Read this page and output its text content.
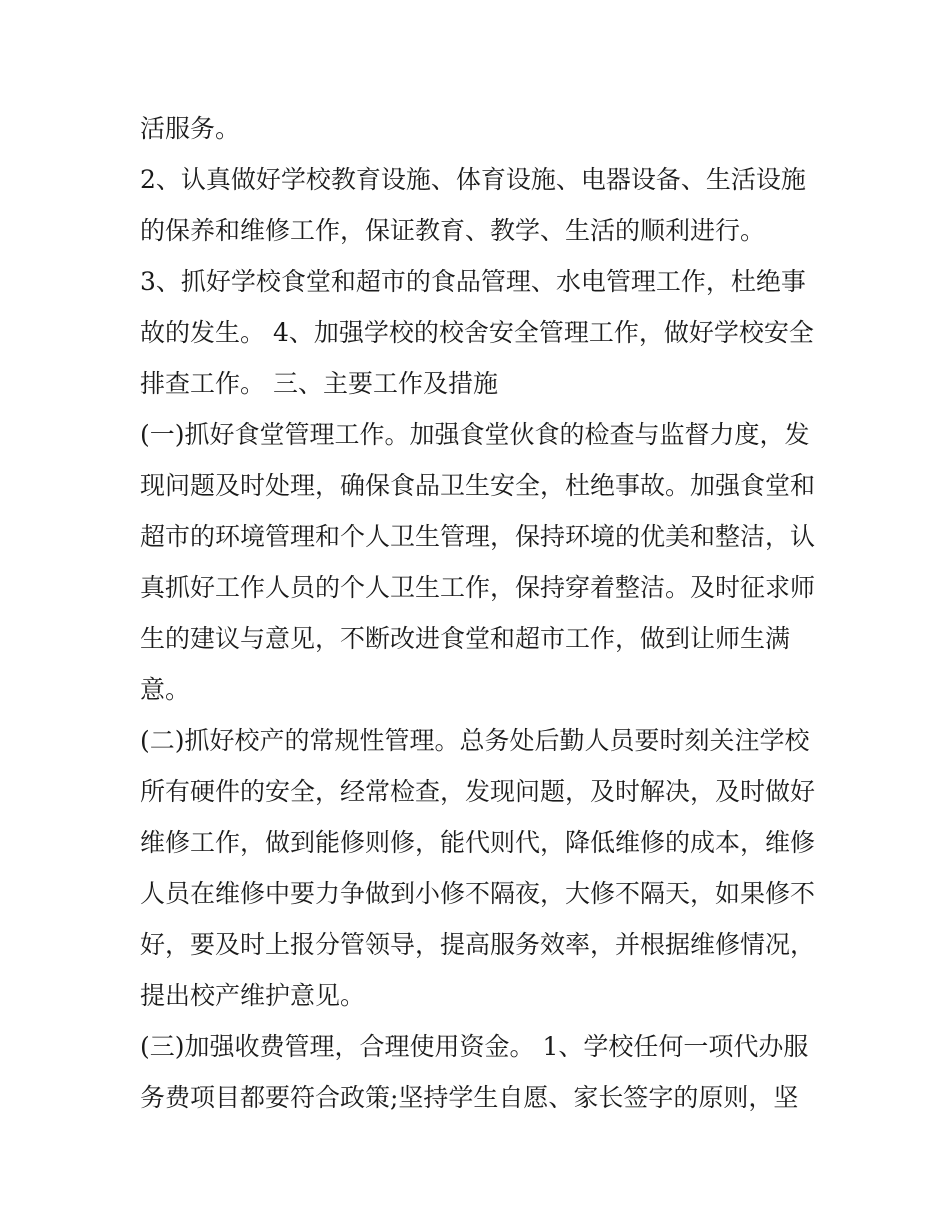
活服务。
2、认真做好学校教育设施、体育设施、电器设备、生活设施
的保养和维修工作，保证教育、教学、生活的顺利进行。
3、抓好学校食堂和超市的食品管理、水电管理工作，杜绝事
故的发生。 4、加强学校的校舍安全管理工作，做好学校安全
排查工作。 三、主要工作及措施
(一)抓好食堂管理工作。加强食堂伙食的检查与监督力度，发
现问题及时处理，确保食品卫生安全，杜绝事故。加强食堂和
超市的环境管理和个人卫生管理，保持环境的优美和整洁，认
真抓好工作人员的个人卫生工作，保持穿着整洁。及时征求师
生的建议与意见，不断改进食堂和超市工作，做到让师生满
意。
(二)抓好校产的常规性管理。总务处后勤人员要时刻关注学校
所有硬件的安全，经常检查，发现问题，及时解决，及时做好
维修工作，做到能修则修，能代则代，降低维修的成本，维修
人员在维修中要力争做到小修不隔夜，大修不隔天，如果修不
好，要及时上报分管领导，提高服务效率，并根据维修情况，
提出校产维护意见。
(三)加强收费管理，合理使用资金。 1、学校任何一项代办服
务费项目都要符合政策;坚持学生自愿、家长签字的原则，坚
